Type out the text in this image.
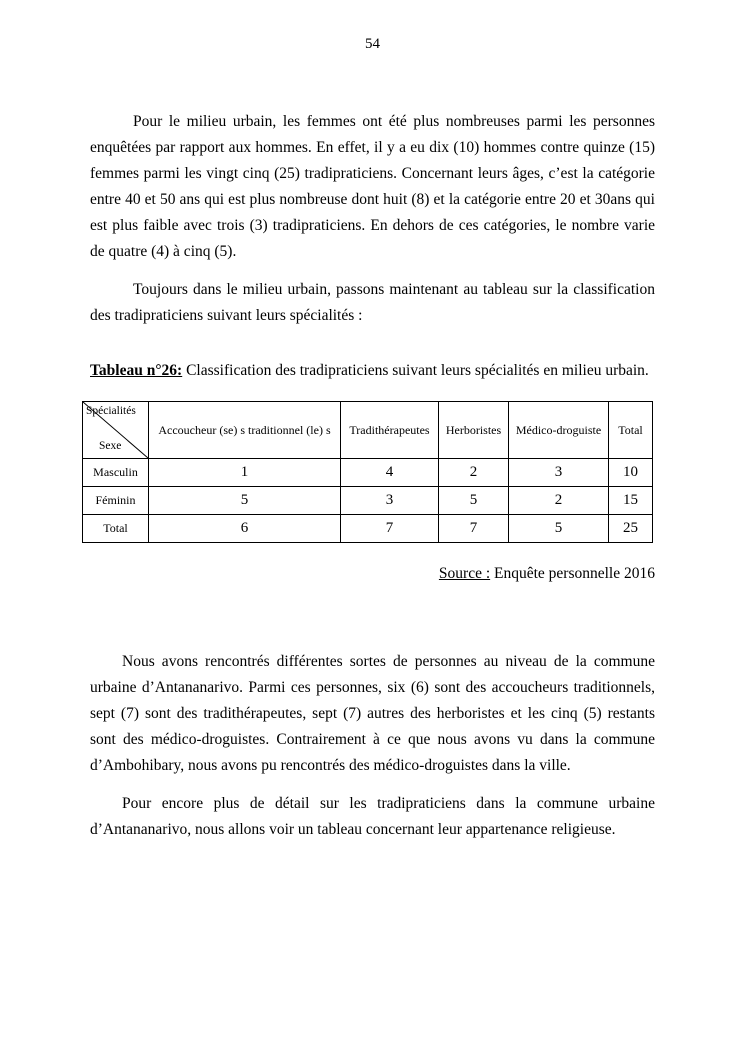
54

Pour le milieu urbain, les femmes ont été plus nombreuses parmi les personnes enquêtées par rapport aux hommes. En effet, il y a eu dix (10) hommes contre quinze (15) femmes parmi les vingt cinq (25) tradipraticiens. Concernant leurs âges, c’est la catégorie entre 40 et 50 ans qui est plus nombreuse dont huit (8) et la catégorie entre 20 et 30ans qui est plus faible avec trois (3) tradipraticiens. En dehors de ces catégories, le nombre varie de quatre (4) à cinq (5).

Toujours dans le milieu urbain, passons maintenant au tableau sur la classification des tradipraticiens suivant leurs spécialités :

Tableau n°26: Classification des tradipraticiens suivant leurs spécialités en milieu urbain.

Spécialités
Sexe	Accoucheur (se) s traditionnel (le) s	Tradithérapeutes	Herboristes	Médico-droguiste	Total
Masculin	1	4	2	3	10
Féminin	5	3	5	2	15
Total	6	7	7	5	25

Source : Enquête personnelle 2016

Nous avons rencontrés différentes sortes de personnes au niveau de la commune urbaine d’Antananarivo. Parmi ces personnes, six (6) sont des accoucheurs traditionnels, sept (7) sont des tradithérapeutes, sept (7) autres des herboristes et les cinq (5) restants sont des médico-droguistes. Contrairement à ce que nous avons vu dans la commune d’Ambohibary, nous avons pu rencontrés des médico-droguistes dans la ville.

Pour encore plus de détail sur les tradipraticiens dans la commune urbaine d’Antananarivo, nous allons voir un tableau concernant leur appartenance religieuse.
